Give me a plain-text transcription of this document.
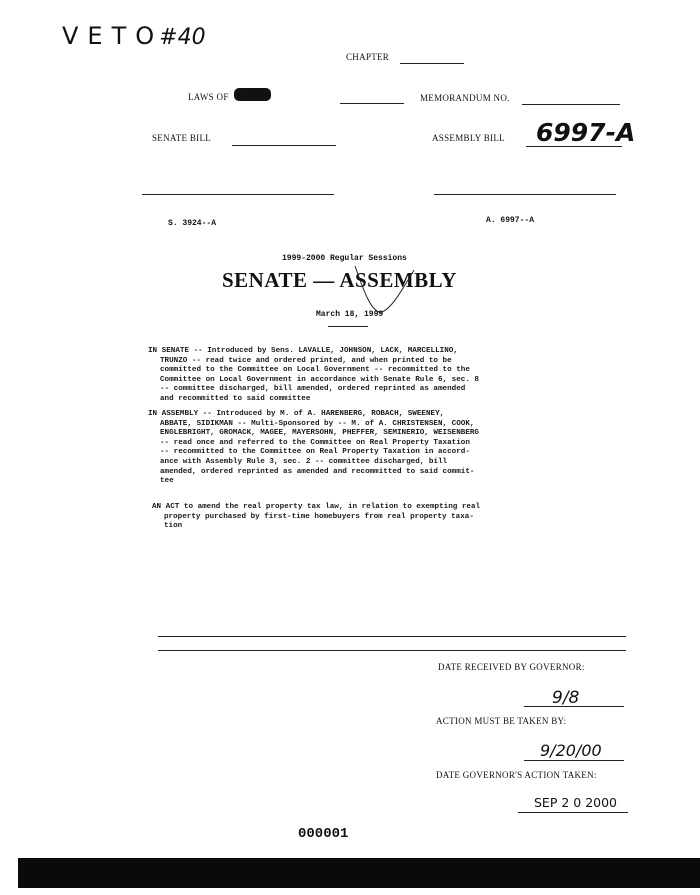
VETO#40
CHAPTER
LAWS OF 2000	MEMORANDUM NO.
SENATE BILL	ASSEMBLY BILL 6997-A
S. 3924--A	A. 6997--A
1999-2000 Regular Sessions
SENATE — ASSEMBLY
March 18, 1999
IN SENATE -- Introduced by Sens. LAVALLE, JOHNSON, LACK, MARCELLINO,
TRUNZO -- read twice and ordered printed, and when printed to be
committed to the Committee on Local Government -- recommitted to the
Committee on Local Government in accordance with Senate Rule 6, sec. 8
-- committee discharged, bill amended, ordered reprinted as amended
and recommitted to said committee
IN ASSEMBLY -- Introduced by M. of A. HARENBERG, ROBACH, SWEENEY,
ABBATE, SIDIKMAN -- Multi-Sponsored by -- M. of A. CHRISTENSEN, COOK,
ENGLEBRIGHT, GROMACK, MAGEE, MAYERSOHN, PHEFFER, SEMINERIO, WEISENBERG
-- read once and referred to the Committee on Real Property Taxation
-- recommitted to the Committee on Real Property Taxation in accord-
ance with Assembly Rule 3, sec. 2 -- committee discharged, bill
amended, ordered reprinted as amended and recommitted to said commit-
tee
AN ACT to amend the real property tax law, in relation to exempting real
property purchased by first-time homebuyers from real property taxa-
tion
DATE RECEIVED BY GOVERNOR:
9/8
ACTION MUST BE TAKEN BY:
9/20/00
DATE GOVERNOR'S ACTION TAKEN:
SEP 2 0 2000
000001
